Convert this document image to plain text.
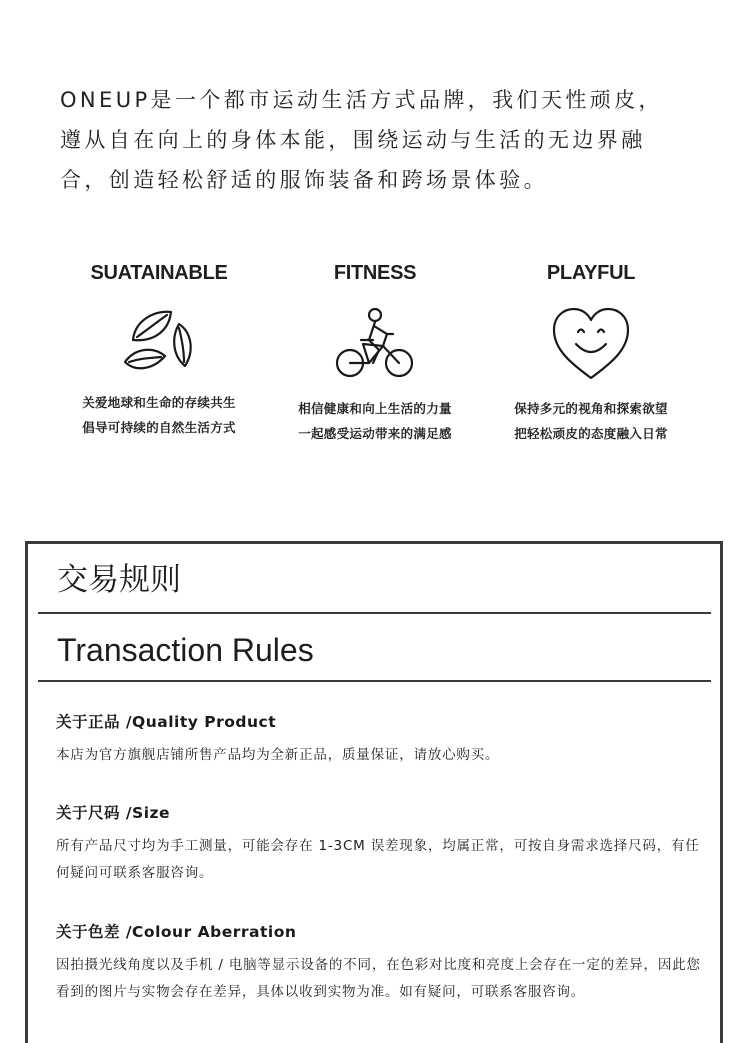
ONEUP是一个都市运动生活方式品牌，我们天性顽皮，

遵从自在向上的身体本能，围绕运动与生活的无边界融

合，创造轻松舒适的服饰装备和跨场景体验。

SUATAINABLE
关爱地球和生命的存续共生
倡导可持续的自然生活方式
FITNESS
相信健康和向上生活的力量
一起感受运动带来的满足感
PLAYFUL
保持多元的视角和探索欲望
把轻松顽皮的态度融入日常
交易规则
Transaction Rules
关于正品 /Quality Product
本店为官方旗舰店铺所售产品均为全新正品，质量保证，请放心购买。
关于尺码 /Size
所有产品尺寸均为手工测量，可能会存在 1-3CM 误差现象，均属正常，可按自身需求选择尺码，有任何疑问可联系客服咨询。
关于色差 /Colour Aberration
因拍摄光线角度以及手机 / 电脑等显示设备的不同，在色彩对比度和亮度上会存在一定的差异，因此您看到的图片与实物会存在差异，具体以收到实物为准。如有疑问，可联系客服咨询。
